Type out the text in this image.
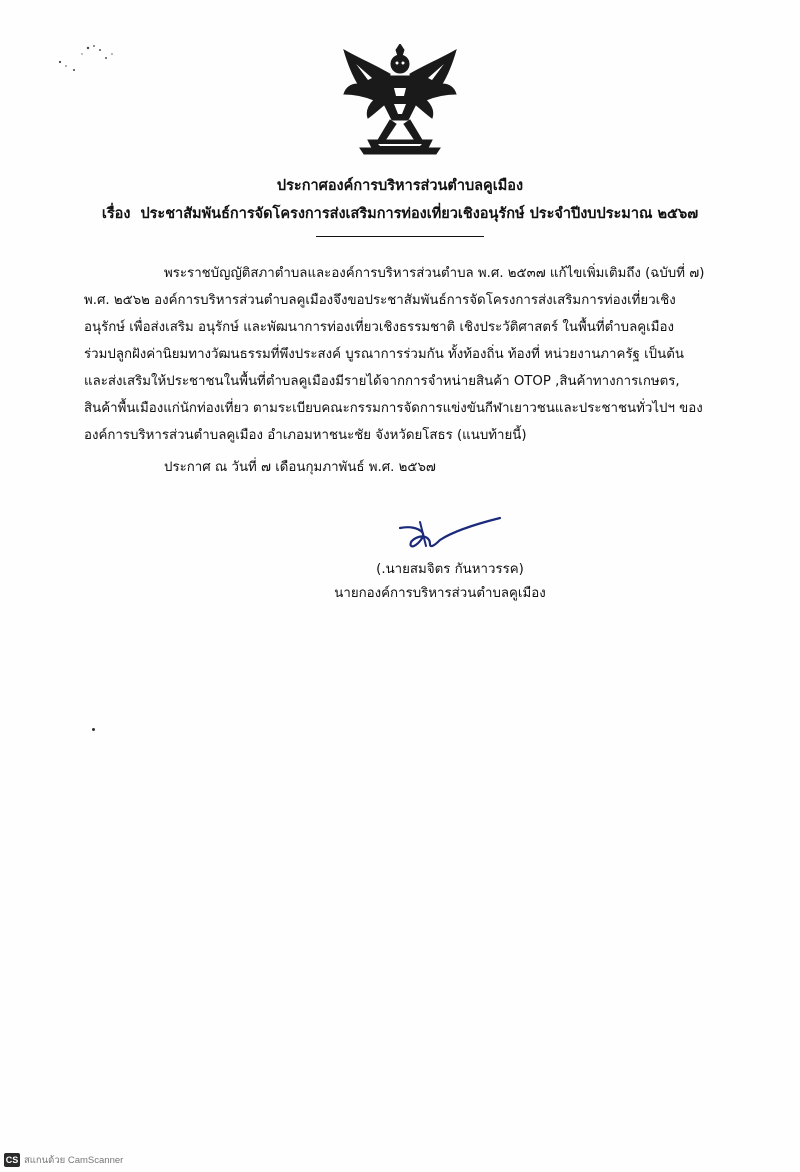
ประกาศองค์การบริหารส่วนตำบลคูเมือง
เรื่อง ประชาสัมพันธ์การจัดโครงการส่งเสริมการท่องเที่ยวเชิงอนุรักษ์ ประจำปีงบประมาณ ๒๕๖๗
พระราชบัญญัติสภาตำบลและองค์การบริหารส่วนตำบล พ.ศ. ๒๕๓๗ แก้ไขเพิ่มเติมถึง (ฉบับที่ ๗)
พ.ศ. ๒๕๖๒ องค์การบริหารส่วนตำบลคูเมืองจึงขอประชาสัมพันธ์การจัดโครงการส่งเสริมการท่องเที่ยวเชิง
อนุรักษ์ เพื่อส่งเสริม อนุรักษ์ และพัฒนาการท่องเที่ยวเชิงธรรมชาติ เชิงประวัติศาสตร์ ในพื้นที่ตำบลคูเมือง
ร่วมปลูกฝังค่านิยมทางวัฒนธรรมที่พึงประสงค์ บูรณาการร่วมกัน ทั้งท้องถิ่น ท้องที่ หน่วยงานภาครัฐ เป็นต้น
และส่งเสริมให้ประชาชนในพื้นที่ตำบลคูเมืองมีรายได้จากการจำหน่ายสินค้า OTOP ,สินค้าทางการเกษตร,
สินค้าพื้นเมืองแก่นักท่องเที่ยว ตามระเบียบคณะกรรมการจัดการแข่งขันกีฬาเยาวชนและประชาชนทั่วไปฯ ของ
องค์การบริหารส่วนตำบลคูเมือง อำเภอมหาชนะชัย จังหวัดยโสธร (แนบท้ายนี้)
ประกาศ ณ วันที่ ๗ เดือนกุมภาพันธ์ พ.ศ. ๒๕๖๗
(.นายสมจิตร กันหาวรรค)
นายกองค์การบริหารส่วนตำบลคูเมือง
CS สแกนด้วย CamScanner
